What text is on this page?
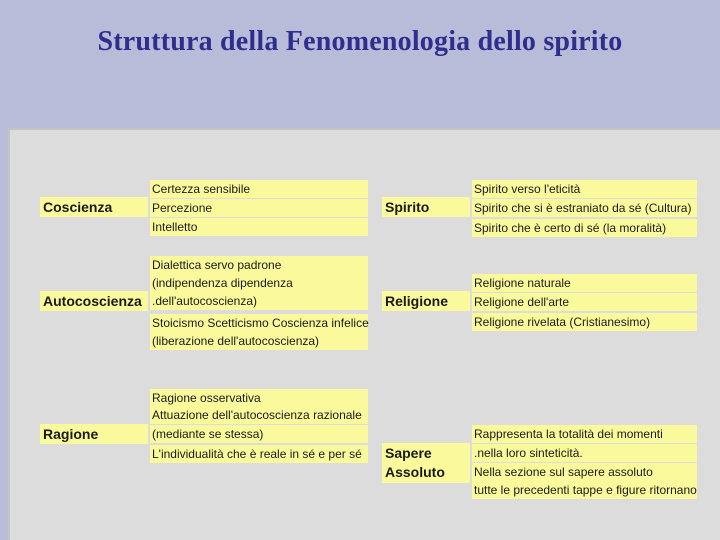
Struttura della Fenomenologia dello spirito
Coscienza
Certezza sensibile
Percezione
Intelletto
Autocoscienza
Dialettica servo padrone
(indipendenza dipendenza
.dell'autocoscienza)
Stoicismo Scetticismo Coscienza infelice
(liberazione dell'autocoscienza)
Ragione
Ragione osservativa
Attuazione dell'autocoscienza razionale
(mediante se stessa)
L'individualità che è reale in sé e per sé
Spirito
Spirito verso l'eticità
Spirito che si è estraniato da sé (Cultura)
Spirito che è certo di sé (la moralità)
Religione
Religione naturale
Religione dell'arte
Religione rivelata (Cristianesimo)
Sapere
Assoluto
Rappresenta la totalità dei momenti
.nella loro sinteticità.
Nella sezione sul sapere assoluto
tutte le precedenti tappe e figure ritornano
